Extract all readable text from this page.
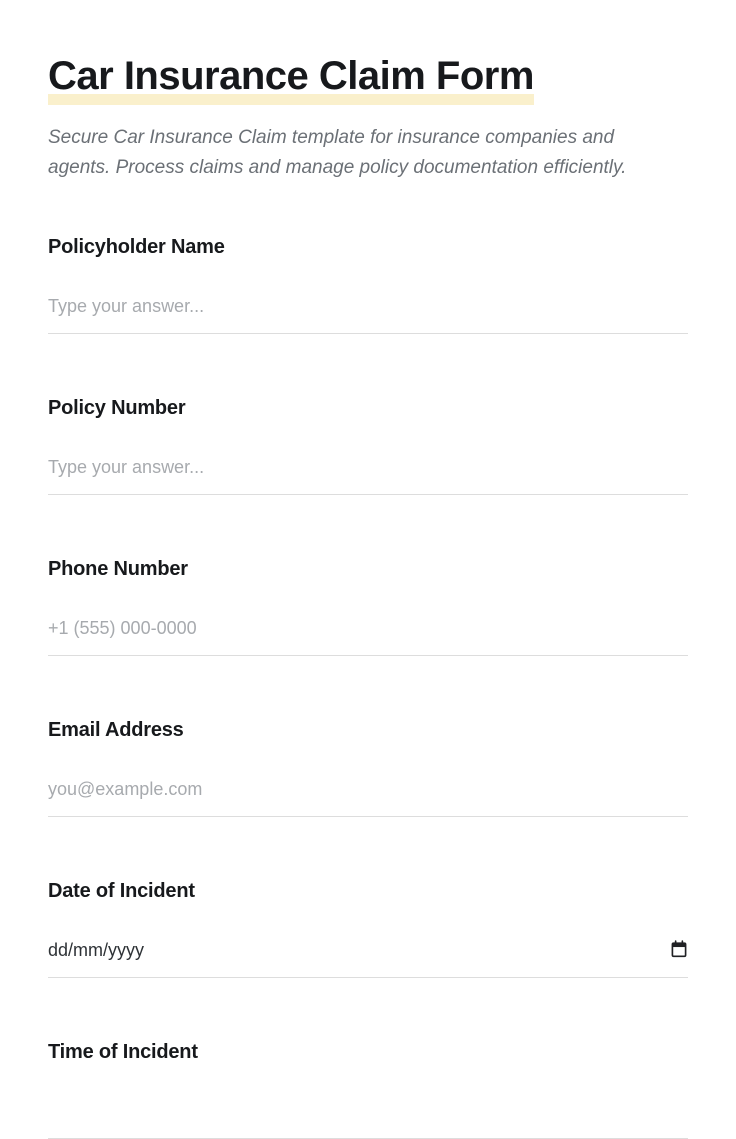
Car Insurance Claim Form

Secure Car Insurance Claim template for insurance companies and agents. Process claims and manage policy documentation efficiently.

Policyholder Name
Type your answer...
Policy Number
Type your answer...
Phone Number
+1 (555) 000-0000
Email Address
you@example.com
Date of Incident
dd/mm/yyyy
Time of Incident
